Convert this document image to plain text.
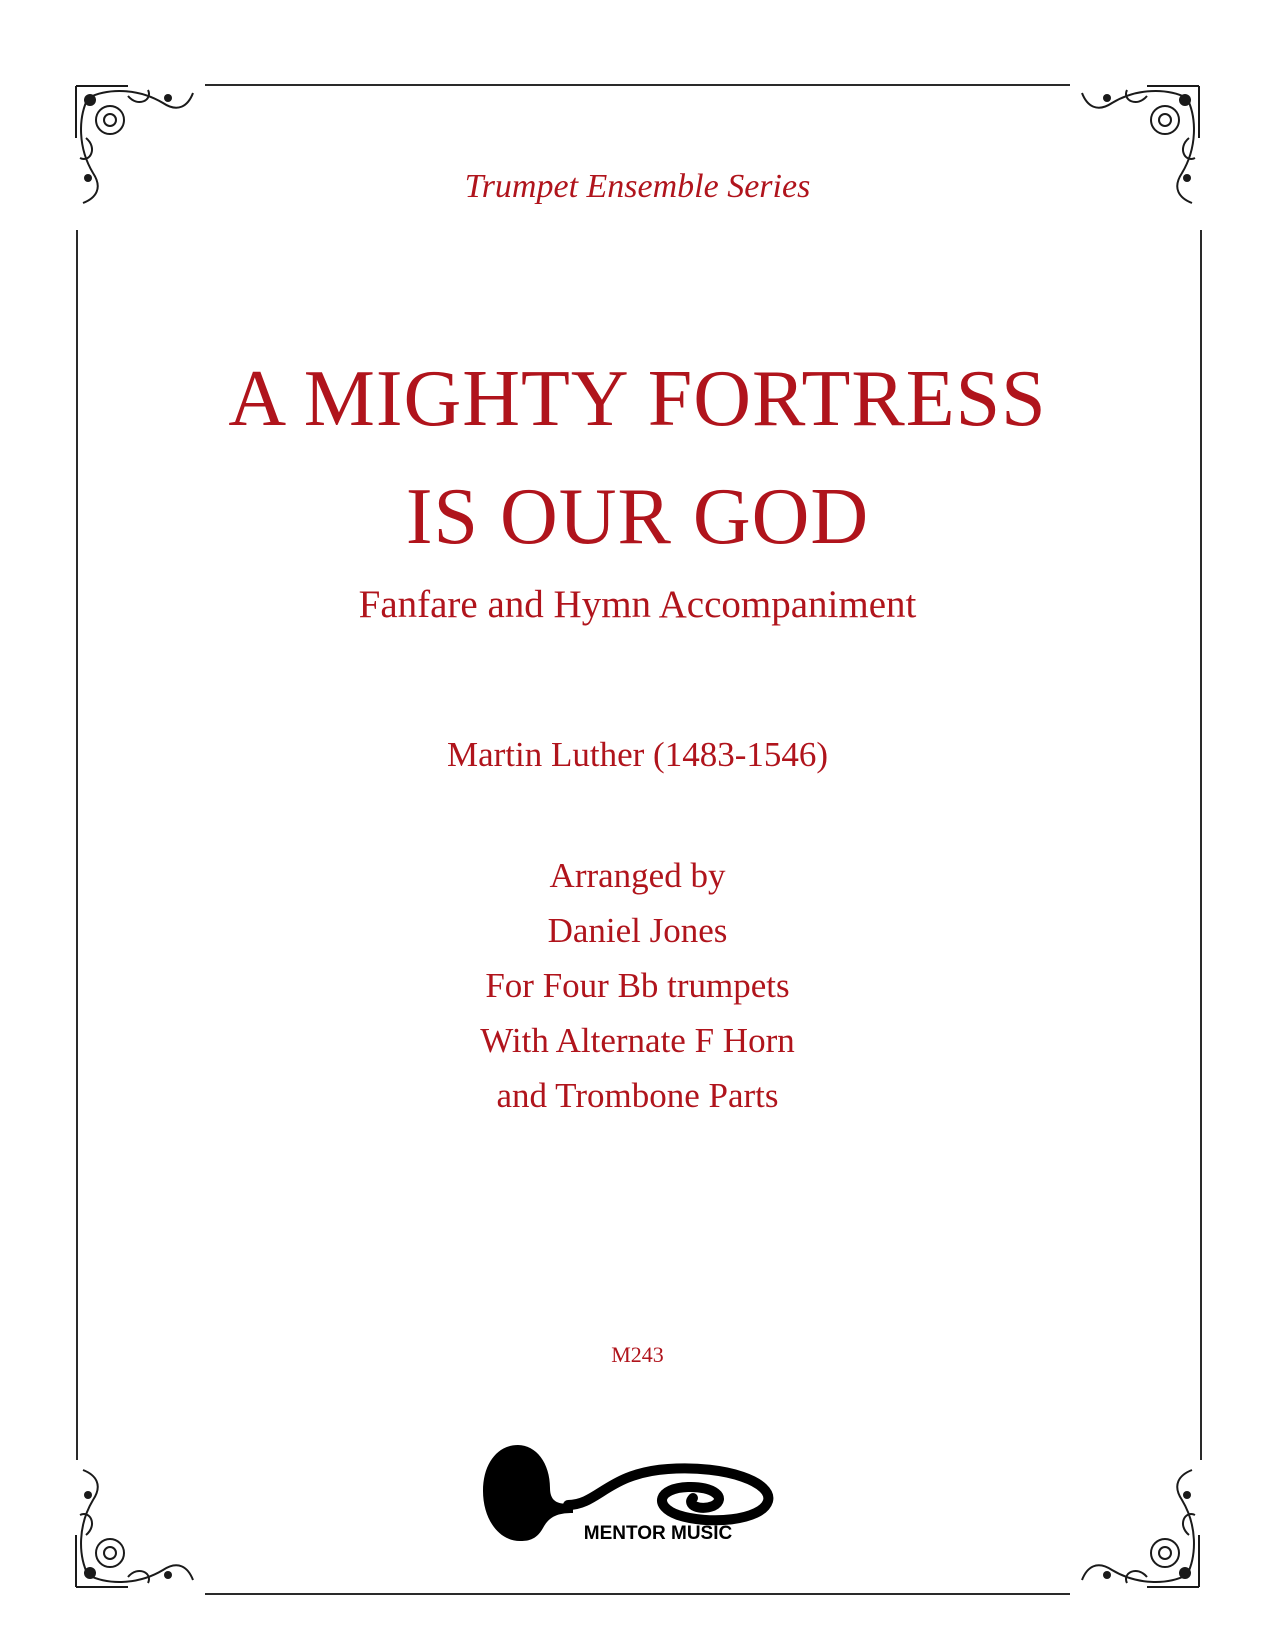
Trumpet Ensemble Series
A MIGHTY FORTRESS
IS OUR GOD
Fanfare and Hymn Accompaniment
Martin Luther (1483-1546)
Arranged by
Daniel Jones
For Four Bb trumpets
With Alternate F Horn
and Trombone Parts
M243
MENTOR MUSIC
